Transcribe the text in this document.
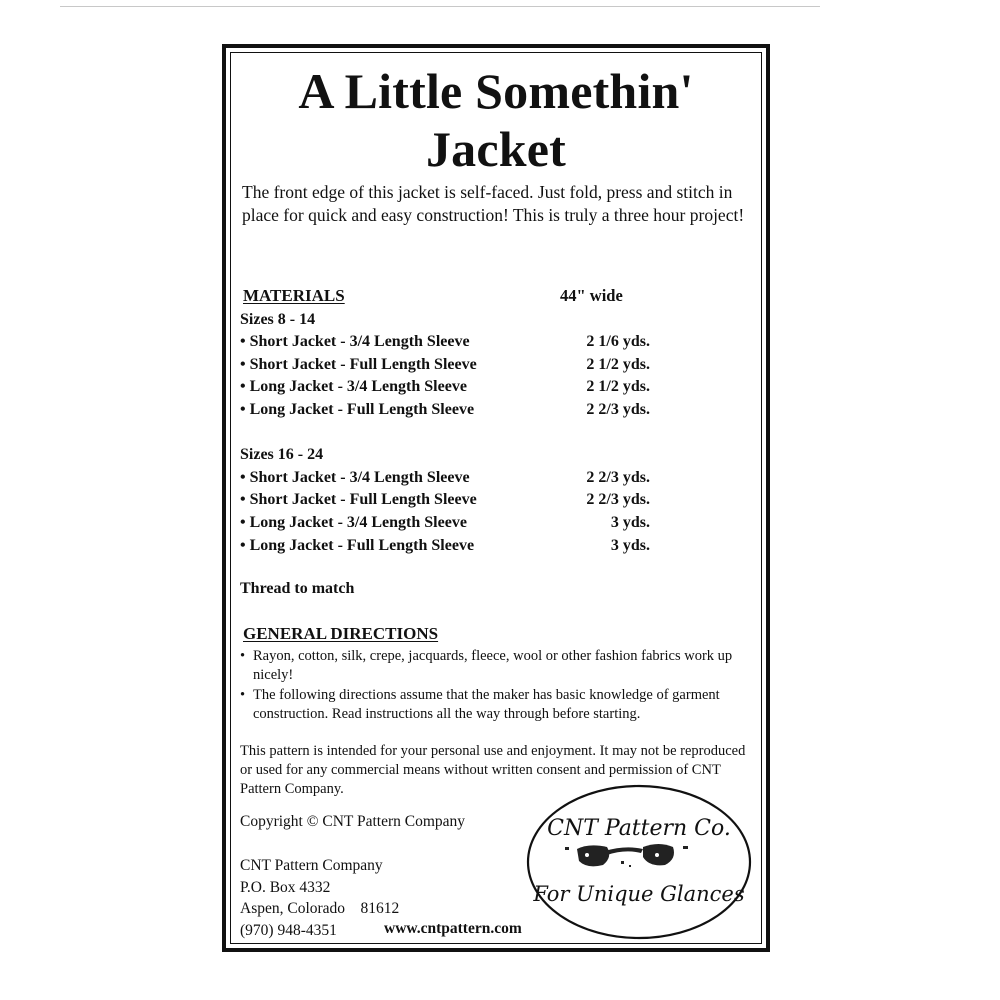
A Little Somethin'
Jacket
The front edge of this jacket is self-faced. Just fold, press and stitch in place for quick and easy construction! This is truly a three hour project!
MATERIALS	44" wide
Sizes 8 - 14
• Short Jacket - 3/4 Length Sleeve	2 1/6 yds.
• Short Jacket - Full Length Sleeve	2 1/2 yds.
• Long Jacket - 3/4 Length Sleeve	2 1/2 yds.
• Long Jacket - Full Length Sleeve	2 2/3 yds.
Sizes 16 - 24
• Short Jacket - 3/4 Length Sleeve	2 2/3 yds.
• Short Jacket - Full Length Sleeve	2 2/3 yds.
• Long Jacket - 3/4 Length Sleeve	3 yds.
• Long Jacket - Full Length Sleeve	3 yds.
Thread to match
GENERAL DIRECTIONS
• Rayon, cotton, silk, crepe, jacquards, fleece, wool or other fashion fabrics work up nicely!
• The following directions assume that the maker has basic knowledge of garment construction. Read instructions all the way through before starting.
This pattern is intended for your personal use and enjoyment. It may not be reproduced or used for any commercial means without written consent and permission of CNT Pattern Company.
Copyright © CNT Pattern Company
CNT Pattern Company
P.O. Box 4332
Aspen, Colorado    81612
(970) 948-4351	www.cntpattern.com
CNT Pattern Co.
For Unique Glances
